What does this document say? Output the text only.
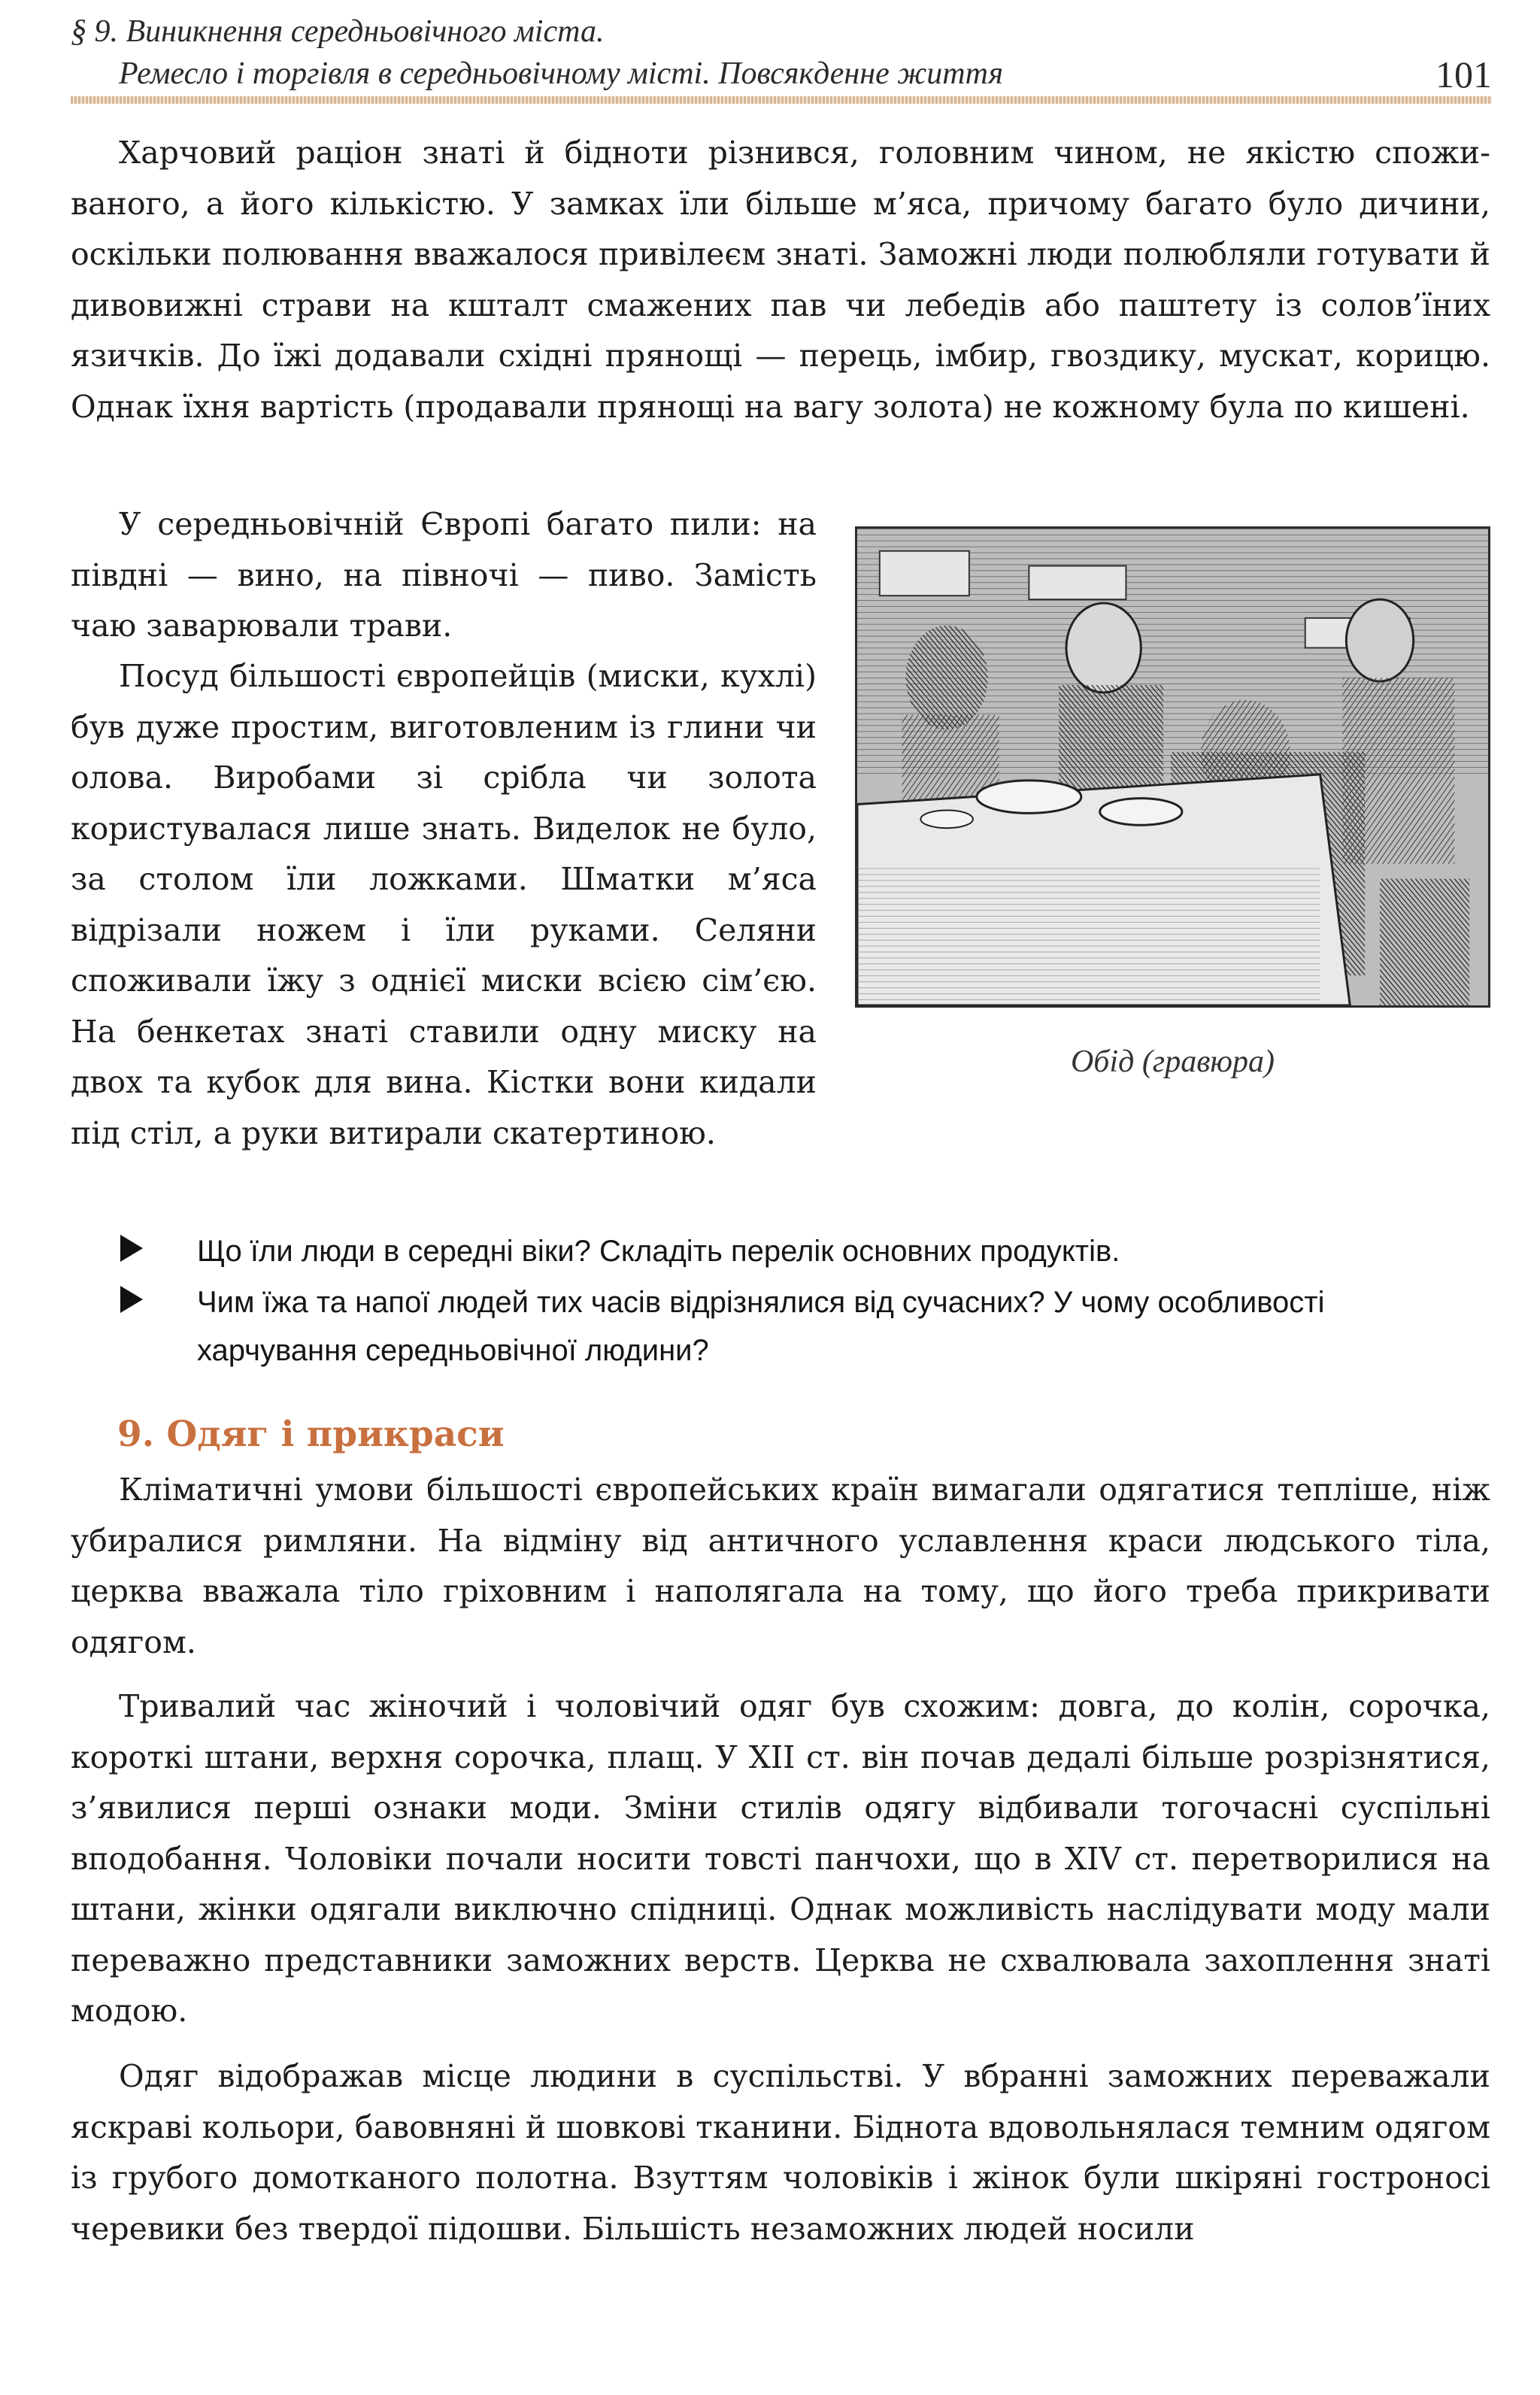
§ 9. Виникнення середньовічного міста.
Ремесло і торгівля в середньовічному місті. Повсякденне життя	101

Харчовий раціон знаті й бідноти різнився, головним чином, не якістю споживаного, а його кількістю. У замках їли більше м’яса, причому багато було дичини, оскільки полювання вважалося привілеєм знаті. Заможні люди полюбляли готувати й дивовижні страви на кшталт смажених пав чи лебедів або паштету із солов’їних язичків. До їжі додавали східні прянощі — перець, імбир, гвоздику, мускат, корицю. Однак їхня вартість (продавали прянощі на вагу золота) не кожному була по кишені.

У середньовічній Європі багато пили: на півдні — вино, на півночі — пиво. Замість чаю заварювали трави.

Посуд більшості європейців (миски, кухлі) був дуже простим, виготовленим із глини чи олова. Виробами зі срібла чи золота користувалася лише знать. Виделок не було, за столом їли ложками. Шматки м’яса відрізали ножем і їли руками. Селяни споживали їжу з однієї миски всією сім’єю. На бенкетах знаті ставили одну миску на двох та кубок для вина. Кістки вони кидали під стіл, а руки витирали скатертиною.

Обід (гравюра)
Що їли люди в середні віки? Складіть перелік основних продуктів.
Чим їжа та напої людей тих часів відрізнялися від сучасних? У чому особливості харчування середньовічної людини?
9. Одяг і прикраси

Кліматичні умови більшості європейських країн вимагали одягатися тепліше, ніж убиралися римляни. На відміну від античного уславлення краси людського тіла, церква вважала тіло гріховним і наполягала на тому, що його треба прикривати одягом.

Тривалий час жіночий і чоловічий одяг був схожим: довга, до колін, сорочка, короткі штани, верхня сорочка, плащ. У XII ст. він почав дедалі більше розрізнятися, з’явилися перші ознаки моди. Зміни стилів одягу відбивали тогочасні суспільні вподобання. Чоловіки почали носити товсті панчохи, що в XIV ст. перетворилися на штани, жінки одягали виключно спідниці. Однак можливість наслідувати моду мали переважно представники заможних верств. Церква не схвалювала захоплення знаті модою.

Одяг відображав місце людини в суспільстві. У вбранні заможних переважали яскраві кольори, бавовняні й шовкові тканини. Біднота вдовольнялася темним одягом із грубого домотканого полотна. Взуттям чоловіків і жінок були шкіряні гостроносі черевики без твердої підошви. Більшість незаможних людей носили
